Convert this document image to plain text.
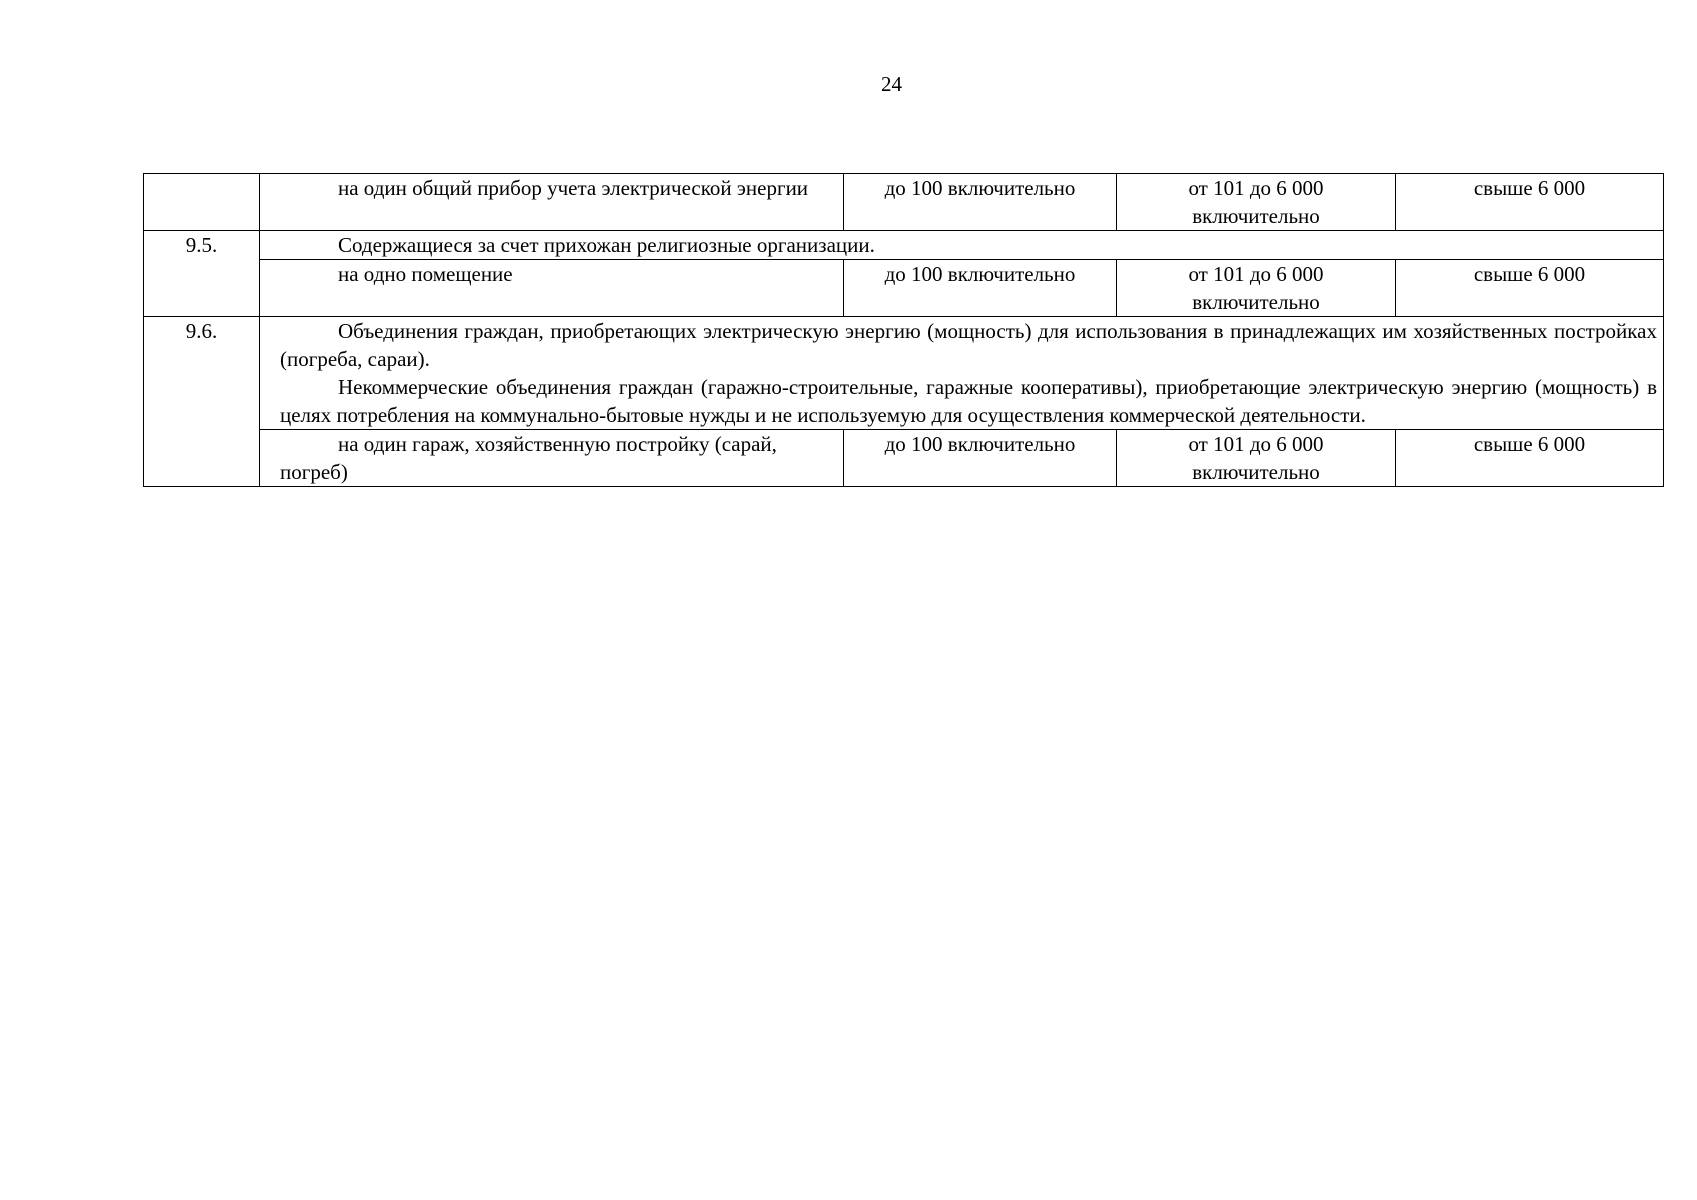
24

	на один общий прибор учета электрической энергии	до 100 включительно	от 101 до 6 000 включительно	свыше 6 000
9.5.	Содержащиеся за счет прихожан религиозные организации.			

	на одно помещение	до 100 включительно	от 101 до 6 000 включительно	свыше 6 000
9.6.	Объединения граждан, приобретающих электрическую энергию (мощность) для использования в принадлежащих им хозяйственных постройках (погреба, сараи).
Некоммерческие объединения граждан (гаражно-строительные, гаражные кооперативы), приобретающие электрическую энергию (мощность) в целях потребления на коммунально-бытовые нужды и не используемую для осуществления коммерческой деятельности.			

	на один гараж, хозяйственную постройку (сарай, погреб)	до 100 включительно	от 101 до 6 000 включительно	свыше 6 000
